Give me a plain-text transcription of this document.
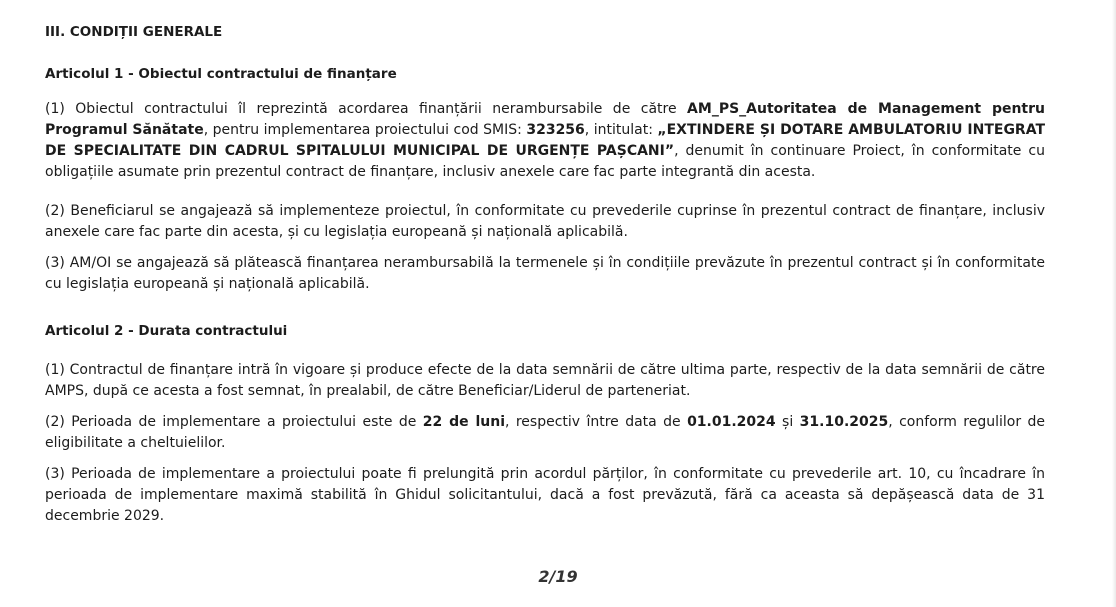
III. CONDIȚII GENERALE
Articolul 1 - Obiectul contractului de finanțare
(1) Obiectul contractului îl reprezintă acordarea finanțării nerambursabile de către AM_PS_Autoritatea de Management pentru Programul Sănătate, pentru implementarea proiectului cod SMIS: 323256, intitulat: „EXTINDERE ȘI DOTARE AMBULATORIU INTEGRAT DE SPECIALITATE DIN CADRUL SPITALULUI MUNICIPAL DE URGENȚE PAȘCANI”, denumit în continuare Proiect, în conformitate cu obligațiile asumate prin prezentul contract de finanțare, inclusiv anexele care fac parte integrantă din acesta.
(2) Beneficiarul se angajează să implementeze proiectul, în conformitate cu prevederile cuprinse în prezentul contract de finanțare, inclusiv anexele care fac parte din acesta, și cu legislația europeană și națională aplicabilă.
(3) AM/OI se angajează să plătească finanțarea nerambursabilă la termenele și în condițiile prevăzute în prezentul contract și în conformitate cu legislația europeană și națională aplicabilă.
Articolul 2 - Durata contractului
(1) Contractul de finanțare intră în vigoare și produce efecte de la data semnării de către ultima parte, respectiv de la data semnării de către AMPS, după ce acesta a fost semnat, în prealabil, de către Beneficiar/Liderul de parteneriat.
(2) Perioada de implementare a proiectului este de 22 de luni, respectiv între data de 01.01.2024 și 31.10.2025, conform regulilor de eligibilitate a cheltuielilor.
(3) Perioada de implementare a proiectului poate fi prelungită prin acordul părților, în conformitate cu prevederile art. 10, cu încadrare în perioada de implementare maximă stabilită în Ghidul solicitantului, dacă a fost prevăzută, fără ca aceasta să depășească data de 31 decembrie 2029.
2/19
